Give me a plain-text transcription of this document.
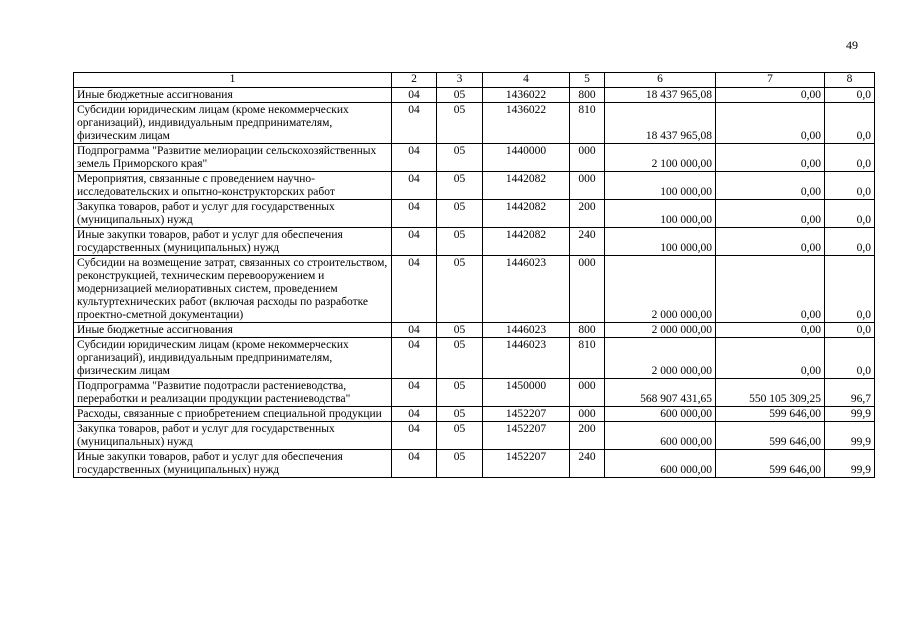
49
1	2	3	4	5	6	7	8
Иные бюджетные ассигнования	04	05	1436022	800	18 437 965,08	0,00	0,0
Субсидии юридическим лицам (кроме некоммерческих организаций), индивидуальным предпринимателям, физическим лицам	04	05	1436022	810	18 437 965,08	0,00	0,0
Подпрограмма "Развитие мелиорации сельскохозяйственных земель Приморского края"	04	05	1440000	000	2 100 000,00	0,00	0,0
Мероприятия, связанные с проведением научно-исследовательских и опытно-конструкторских работ	04	05	1442082	000	100 000,00	0,00	0,0
Закупка товаров, работ и услуг для государственных (муниципальных) нужд	04	05	1442082	200	100 000,00	0,00	0,0
Иные закупки товаров, работ и услуг для обеспечения государственных (муниципальных) нужд	04	05	1442082	240	100 000,00	0,00	0,0
Субсидии на возмещение затрат, связанных со строительством, реконструкцией, техническим перевооружением и модернизацией мелиоративных систем, проведением культуртехнических работ (включая расходы по разработке проектно-сметной документации)	04	05	1446023	000	2 000 000,00	0,00	0,0
Иные бюджетные ассигнования	04	05	1446023	800	2 000 000,00	0,00	0,0
Субсидии юридическим лицам (кроме некоммерческих организаций), индивидуальным предпринимателям, физическим лицам	04	05	1446023	810	2 000 000,00	0,00	0,0
Подпрограмма "Развитие подотрасли растениеводства, переработки и реализации продукции растениеводства"	04	05	1450000	000	568 907 431,65	550 105 309,25	96,7
Расходы, связанные с приобретением специальной продукции	04	05	1452207	000	600 000,00	599 646,00	99,9
Закупка товаров, работ и услуг для государственных (муниципальных) нужд	04	05	1452207	200	600 000,00	599 646,00	99,9
Иные закупки товаров, работ и услуг для обеспечения государственных (муниципальных) нужд	04	05	1452207	240	600 000,00	599 646,00	99,9
